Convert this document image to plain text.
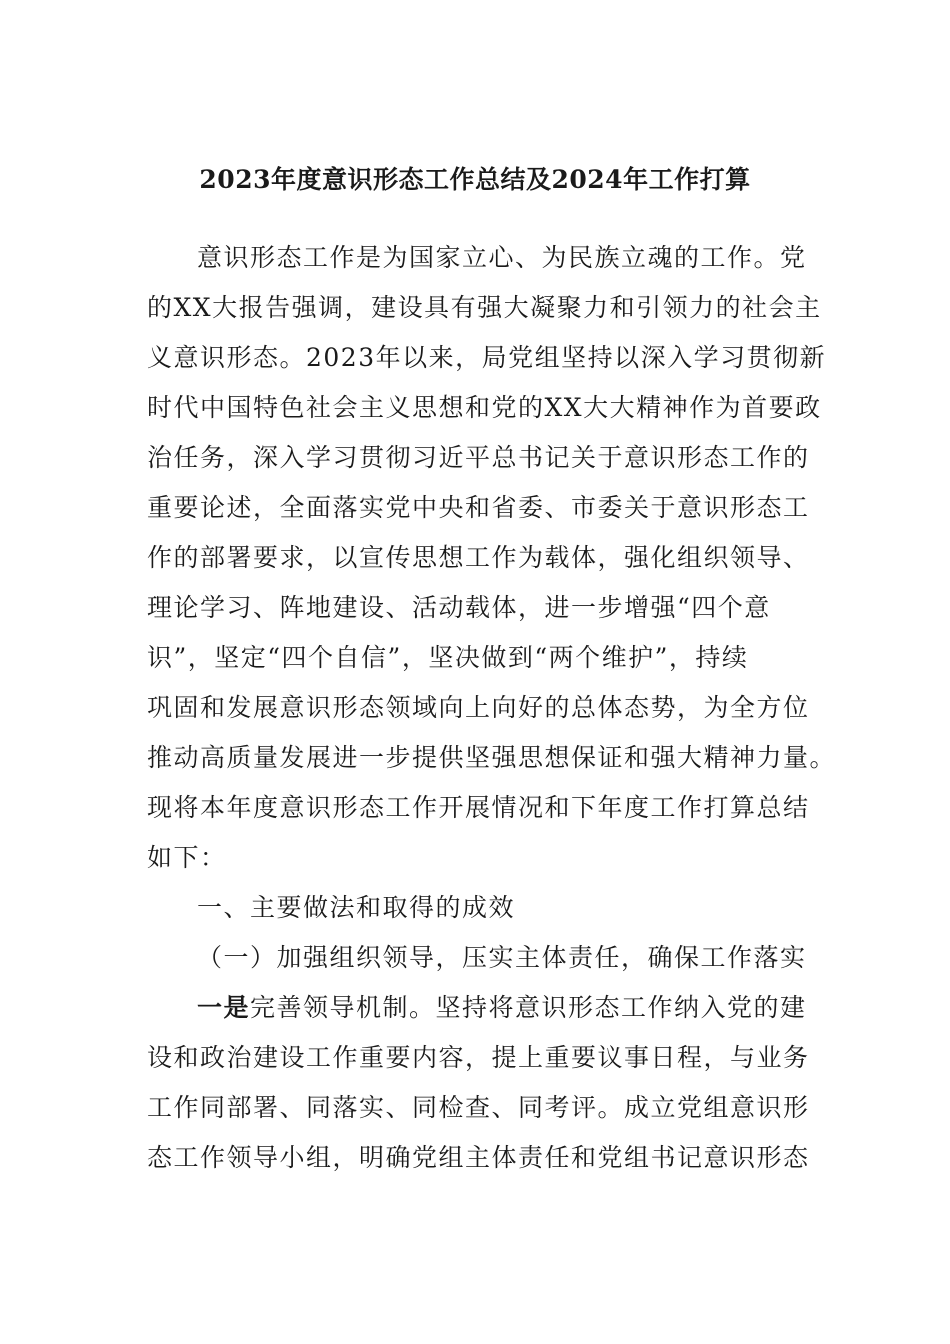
2023年度意识形态工作总结及2024年工作打算
意识形态工作是为国家立心、为民族立魂的工作。党
的XX大报告强调，建设具有强大凝聚力和引领力的社会主
义意识形态。2023年以来，局党组坚持以深入学习贯彻新
时代中国特色社会主义思想和党的XX大大精神作为首要政
治任务，深入学习贯彻习近平总书记关于意识形态工作的
重要论述，全面落实党中央和省委、市委关于意识形态工
作的部署要求，以宣传思想工作为载体，强化组织领导、
理论学习、阵地建设、活动载体，进一步增强“四个意
识”，坚定“四个自信”，坚决做到“两个维护”，持续
巩固和发展意识形态领域向上向好的总体态势，为全方位
推动高质量发展进一步提供坚强思想保证和强大精神力量。
现将本年度意识形态工作开展情况和下年度工作打算总结
如下：
一、主要做法和取得的成效
（一）加强组织领导，压实主体责任，确保工作落实
一是完善领导机制。坚持将意识形态工作纳入党的建
设和政治建设工作重要内容，提上重要议事日程，与业务
工作同部署、同落实、同检查、同考评。成立党组意识形
态工作领导小组，明确党组主体责任和党组书记意识形态
